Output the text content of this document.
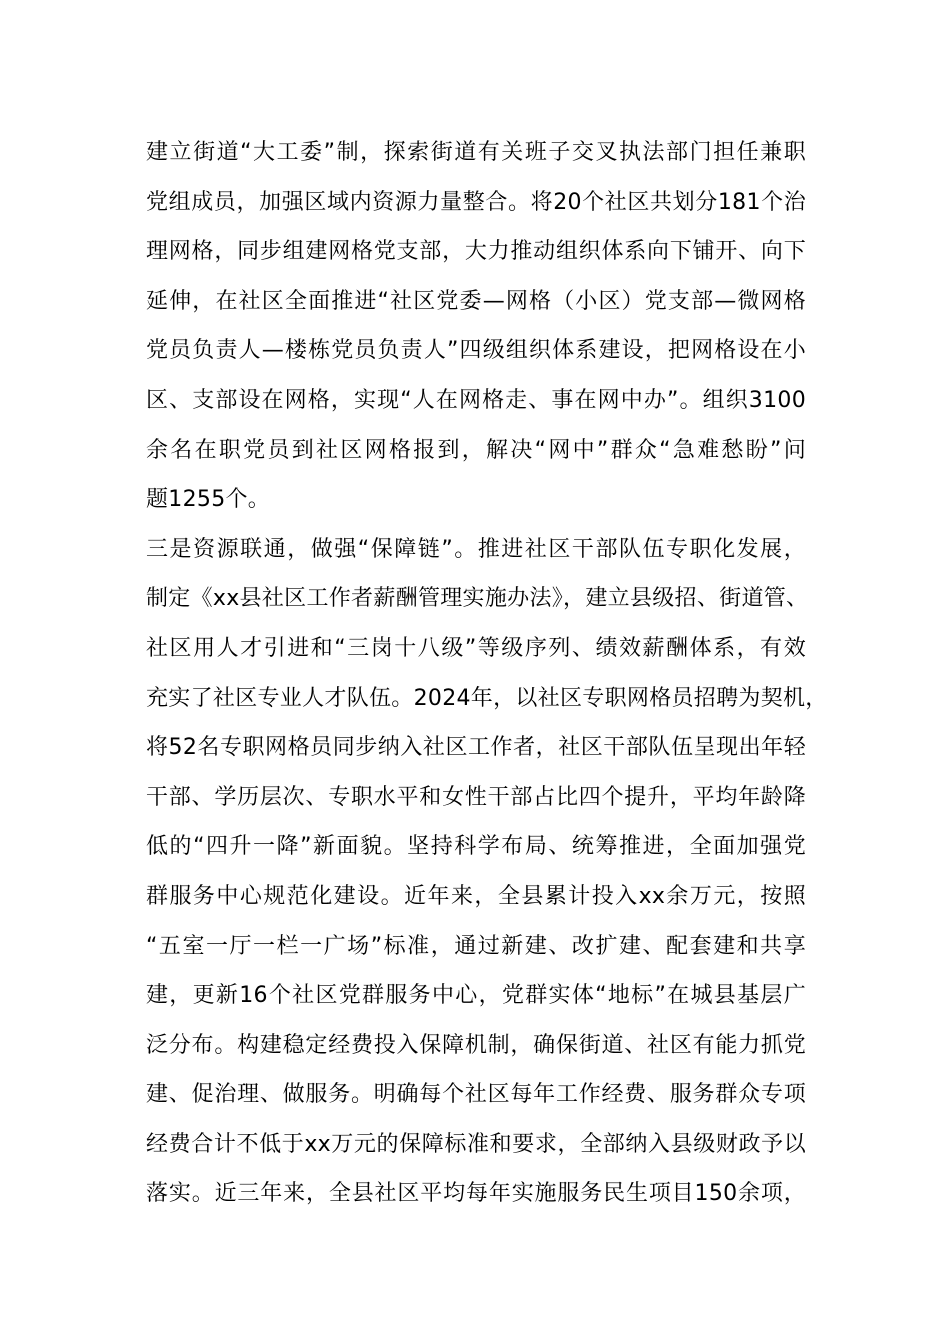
建立街道“大工委”制，探索街道有关班子交叉执法部门担任兼职
党组成员，加强区域内资源力量整合。将20个社区共划分181个治
理网格，同步组建网格党支部，大力推动组织体系向下铺开、向下
延伸，在社区全面推进“社区党委—网格（小区）党支部—微网格
党员负责人—楼栋党员负责人”四级组织体系建设，把网格设在小
区、支部设在网格，实现“人在网格走、事在网中办”。组织3100
余名在职党员到社区网格报到，解决“网中”群众“急难愁盼”问
题1255个。
三是资源联通，做强“保障链”。推进社区干部队伍专职化发展，
制定《xx县社区工作者薪酬管理实施办法》，建立县级招、街道管、
社区用人才引进和“三岗十八级”等级序列、绩效薪酬体系，有效
充实了社区专业人才队伍。2024年，以社区专职网格员招聘为契机，
将52名专职网格员同步纳入社区工作者，社区干部队伍呈现出年轻
干部、学历层次、专职水平和女性干部占比四个提升，平均年龄降
低的“四升一降”新面貌。坚持科学布局、统筹推进，全面加强党
群服务中心规范化建设。近年来，全县累计投入xx余万元，按照
“五室一厅一栏一广场”标准，通过新建、改扩建、配套建和共享
建，更新16个社区党群服务中心，党群实体“地标”在城县基层广
泛分布。构建稳定经费投入保障机制，确保街道、社区有能力抓党
建、促治理、做服务。明确每个社区每年工作经费、服务群众专项
经费合计不低于xx万元的保障标准和要求，全部纳入县级财政予以
落实。近三年来，全县社区平均每年实施服务民生项目150余项，
